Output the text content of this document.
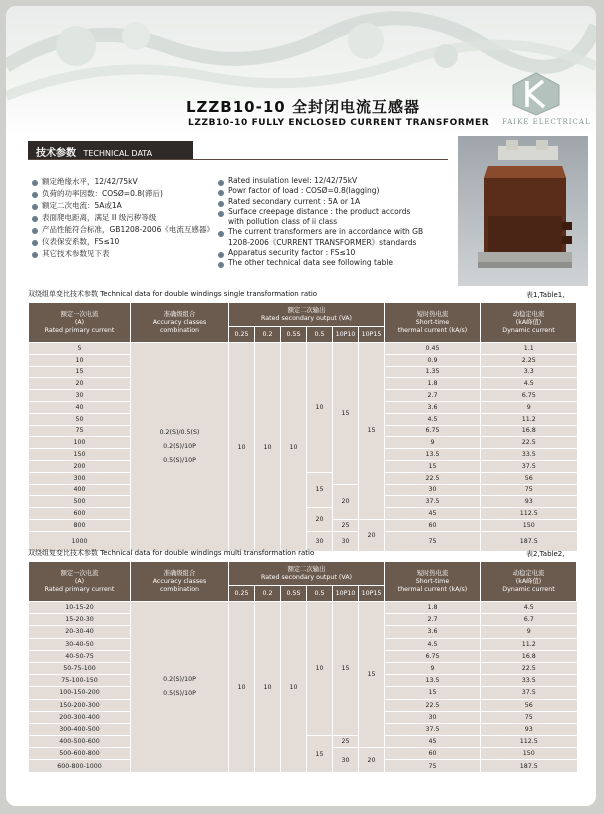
FAIKE ELECTRICAL
LZZB10-10 全封闭电流互感器
LZZB10-10 FULLY ENCLOSED CURRENT TRANSFORMER
技术参数 TECHNICAL DATA
额定绝缘水平，12/42/75kV
负荷的功率因数：COSØ=0.8(滞后)
额定二次电流：5A或1A
表面爬电距离，满足 II 级污秽等级
产品性能符合标准，GB1208-2006《电流互感器》
仪表保安系数，FS≤10
其它技术参数见下表
Rated insulation level: 12/42/75kV
Powr factor of load : COSØ=0.8(lagging)
Rated secondary current : 5A or 1A
Surface creepage distance : the product accords
with pollution class of ii class
The current transformers are in accordance with GB
1208-2006《CURRENT TRANSFORMER》standards
Apparatus security factor : FS≤10
The other technical data see following table
双绕组单变比技术参数 Technical data for double windings single transformation ratio	表1,Table1,
额定一次电流
(A)
Rated primary current	准确级组合
Accuracy classes
combination	额定二次输出
Rated secondary output (VA)						短时热电流
Short-time
thermal current (kA/s)	动稳定电流
(kA峰值)
Dynamic current

		0.25	0.2	0.5S	0.5	10P10	10P15		
5	0.2(S)/0.5(S)
0.2(S)/10P
0.5(S)/10P	10	10	10	10	15	15	0.45	1.1
10								0.9	2.25
15								1.35	3.3
20								1.8	4.5
30								2.7	6.75
40								3.6	9
50								4.5	11.2
75								6.75	16.8
100								9	22.5
150								13.5	33.5
200								15	37.5
300					15			22.5	56
400						20		30	75
500								37.5	93
600					20			45	112.5
800						25	20	60	150
1000					30	30		75	187.5
双绕组复变比技术参数 Technical data for double windings multi transformation ratio	表2,Table2,
额定一次电流
(A)
Rated primary current	准确级组合
Accuracy classes
combination	额定二次输出
Rated secondary output (VA)						短时热电流
Short-time
thermal current (kA/s)	动稳定电流
(kA峰值)
Dynamic current

		0.25	0.2	0.5S	0.5	10P10	10P15		
10-15-20	0.2(S)/10P
0.5(S)/10P	10	10	10	10	15	15	1.8	4.5
15-20-30								2.7	6.7
20-30-40								3.6	9
30-40-50								4.5	11.2
40-50-75								6.75	16.8
50-75-100								9	22.5
75-100-150								13.5	33.5
100-150-200								15	37.5
150-200-300								22.5	56
200-300-400								30	75
300-400-500								37.5	93
400-500-600					15	25		45	112.5
500-600-800						30	20	60	150
600-800-1000								75	187.5
